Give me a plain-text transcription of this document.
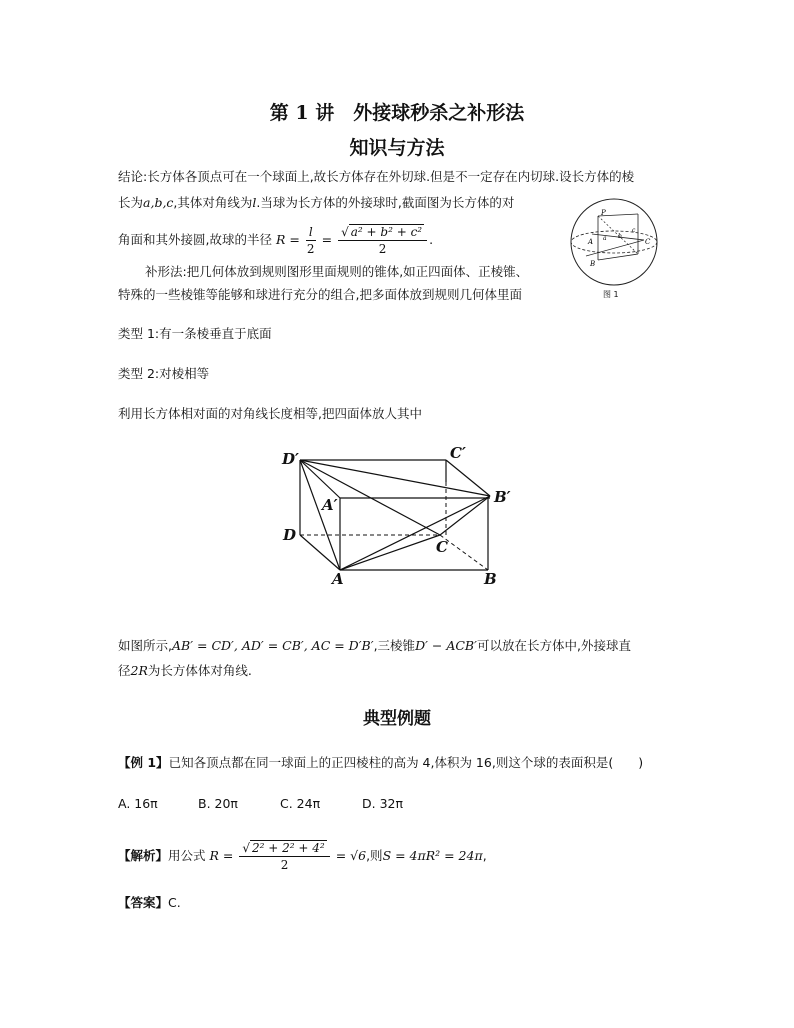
第 1 讲　外接球秒杀之补形法
知识与方法
结论:长方体各顶点可在一个球面上,故长方体存在外切球.但是不一定存在内切球.设长方体的棱
长为a,b,c,其体对角线为l.当球为长方体的外接球时,截面图为长方体的对
角面和其外接圆,故球的半径 $R = \frac{l}{2} = \frac{\text{√ a² + b² + c²}}{2}$ .
补形法:把几何体放到规则图形里面规则的锥体,如正四面体、正棱锥、
特殊的一些棱锥等能够和球进行充分的组合,把多面体放到规则几何体里面
P
A
B
C
a b
c
图 1
类型 1:有一条棱垂直于底面
类型 2:对棱相等
利用长方体相对面的对角线长度相等,把四面体放人其中
D′	C′
A′	B′
D
C
A	B
如图所示,AB′ = CD′, AD′ = CB′, AC = D′B′,三棱锥D′ − ACB′可以放在长方体中,外接球直
径2R为长方体体对角线.
典型例题
【例 1】已知各顶点都在同一球面上的正四棱柱的高为 4,体积为 16,则这个球的表面积是(　　)
A. 16π	B. 20π	C. 24π	D. 32π
【解析】用公式 $R = \frac{\text{√ 2² + 2² + 4²}}{2} = √6$,则S = 4πR² = 24π,
【答案】C.
